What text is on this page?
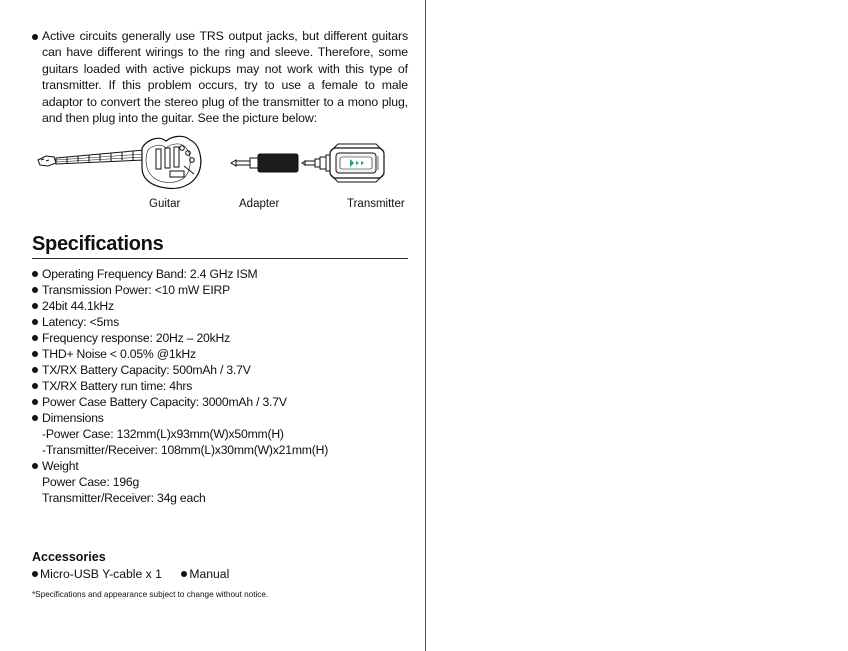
Active circuits generally use TRS output jacks, but different guitars can have different wirings to the ring and sleeve. Therefore, some guitars loaded with active pickups may not work with this type of transmitter. If this problem occurs, try to use a female to male adaptor to convert the stereo plug of the transmitter to a mono plug, and then plug into the guitar. See the picture below:
Guitar	Adapter	Transmitter
Specifications
Operating Frequency Band: 2.4 GHz ISM
Transmission Power: <10 mW EIRP
24bit 44.1kHz
Latency: <5ms
Frequency response: 20Hz – 20kHz
THD+ Noise < 0.05% @1kHz
TX/RX Battery Capacity: 500mAh / 3.7V
TX/RX Battery run time: 4hrs
Power Case Battery Capacity: 3000mAh / 3.7V
Dimensions
-Power Case: 132mm(L)x93mm(W)x50mm(H)
-Transmitter/Receiver: 108mm(L)x30mm(W)x21mm(H)
Weight
Power Case: 196g
Transmitter/Receiver: 34g each
Accessories
Micro-USB Y-cable x 1 Manual
*Specifications and appearance subject to change without notice.
